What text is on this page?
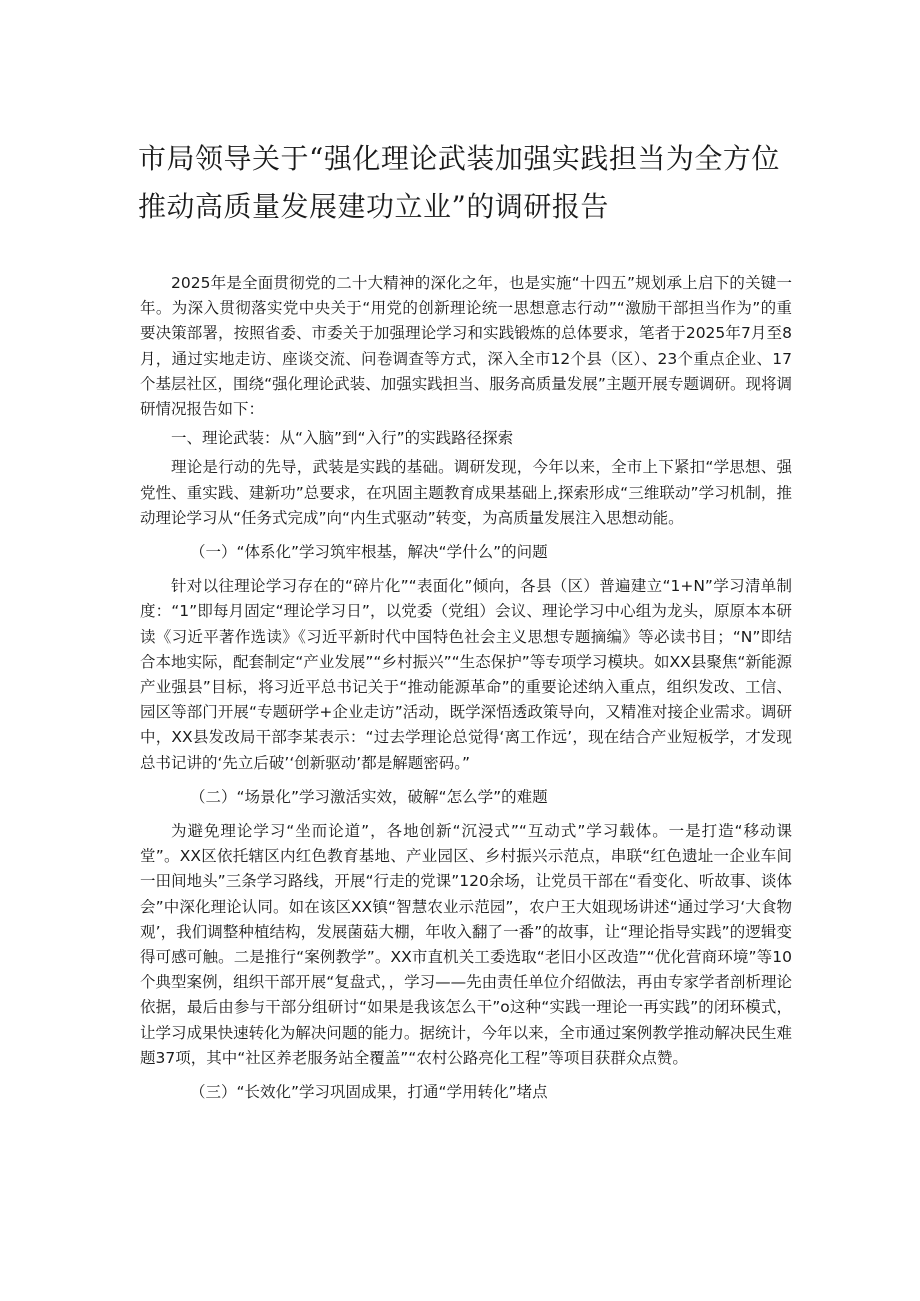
市局领导关于“强化理论武装加强实践担当为全方位
推动高质量发展建功立业”的调研报告

2025年是全面贯彻党的二十大精神的深化之年，也是实施“十四五”规划承上启下的关键一年。为深入贯彻落实党中央关于“用党的创新理论统一思想意志行动”“激励干部担当作为”的重要决策部署，按照省委、市委关于加强理论学习和实践锻炼的总体要求，笔者于2025年7月至8月，通过实地走访、座谈交流、问卷调查等方式，深入全市12个县（区）、23个重点企业、17个基层社区，围绕“强化理论武装、加强实践担当、服务高质量发展”主题开展专题调研。现将调研情况报告如下：

一、理论武装：从“入脑”到“入行”的实践路径探索

理论是行动的先导，武装是实践的基础。调研发现，今年以来，全市上下紧扣“学思想、强党性、重实践、建新功”总要求，在巩固主题教育成果基础上,探索形成“三维联动”学习机制，推动理论学习从“任务式完成”向“内生式驱动”转变，为高质量发展注入思想动能。

（一）“体系化”学习筑牢根基，解决“学什么”的问题

针对以往理论学习存在的“碎片化”“表面化”倾向，各县（区）普遍建立“1+N”学习清单制度：“1”即每月固定“理论学习日”，以党委（党组）会议、理论学习中心组为龙头，原原本本研读《习近平著作选读》《习近平新时代中国特色社会主义思想专题摘编》等必读书目；“N”即结合本地实际，配套制定“产业发展”“乡村振兴”“生态保护”等专项学习模块。如XX县聚焦“新能源产业强县”目标，将习近平总书记关于“推动能源革命”的重要论述纳入重点，组织发改、工信、园区等部门开展“专题研学+企业走访”活动，既学深悟透政策导向，又精准对接企业需求。调研中，XX县发改局干部李某表示：“过去学理论总觉得‘离工作远’，现在结合产业短板学，才发现总书记讲的‘先立后破’‘创新驱动’都是解题密码。”

（二）“场景化”学习激活实效，破解“怎么学”的难题

为避免理论学习“坐而论道”，各地创新“沉浸式”“互动式”学习载体。一是打造“移动课堂”。XX区依托辖区内红色教育基地、产业园区、乡村振兴示范点，串联“红色遗址一企业车间一田间地头”三条学习路线，开展“行走的党课”120余场，让党员干部在“看变化、听故事、谈体会”中深化理论认同。如在该区XX镇“智慧农业示范园”，农户王大姐现场讲述“通过学习‘大食物观’，我们调整种植结构，发展菌菇大棚，年收入翻了一番”的故事，让“理论指导实践”的逻辑变得可感可触。二是推行“案例教学”。XX市直机关工委选取“老旧小区改造”“优化营商环境”等10个典型案例，组织干部开展“复盘式，，学习——先由责任单位介绍做法，再由专家学者剖析理论依据，最后由参与干部分组研讨“如果是我该怎么干”o这种“实践一理论一再实践”的闭环模式，让学习成果快速转化为解决问题的能力。据统计，今年以来，全市通过案例教学推动解决民生难题37项，其中“社区养老服务站全覆盖”“农村公路亮化工程”等项目获群众点赞。

（三）“长效化”学习巩固成果，打通“学用转化”堵点
